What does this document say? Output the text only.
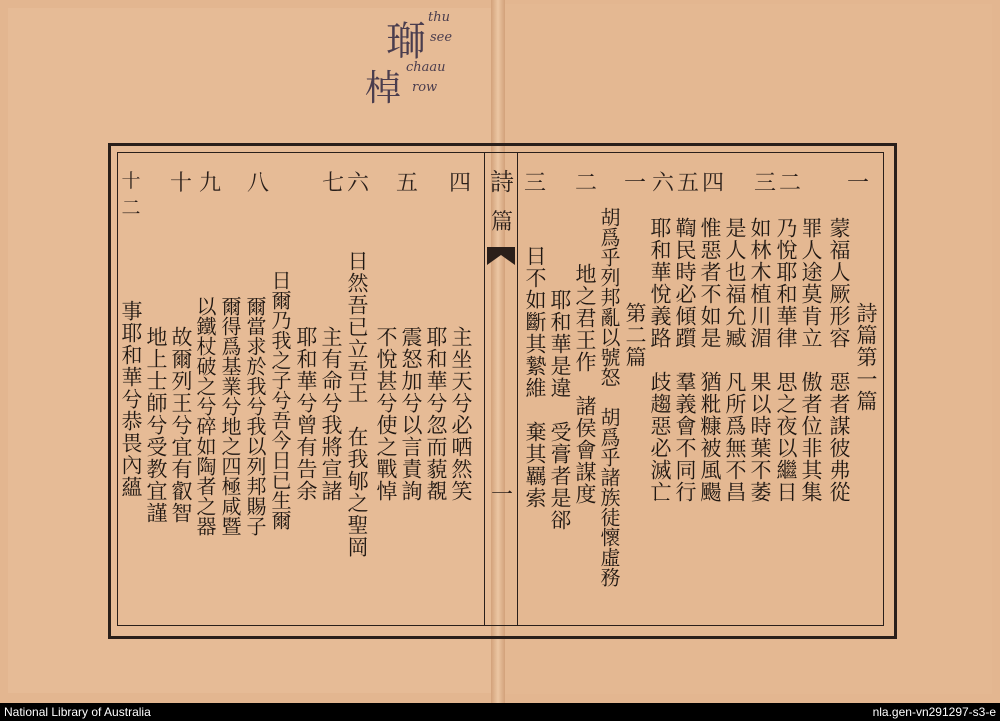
瑡
thu
see
棹
chaau
row
十二
十 九 八 七 六 五 四 三 二 一 六 五 四 三 二 一
詩
篇
一
詩篇第一篇
蒙福人厥形容　惡者謀彼弗從
罪人途莫肯立　傲者位非其集
乃悅耶和華律　思之夜以繼日
如林木植川湄　果以時葉不萎
是人也福允臧　凡所爲無不昌
惟惡者不如是　猶粃糠被風颺
鞫民時必傾躓　羣義會不同行
耶和華悅義路　歧趨惡必滅亡
第二篇
胡爲乎列邦亂以號怒　胡爲乎諸族徒懷虛務
地之君王作　諸侯會謀度
耶和華是違　受膏者是郤
日不如斷其縶維　棄其羈索
主坐天兮必哂然笑
耶和華兮忽而藐覩
震怒加兮以言責詢
不悅甚兮使之戰悼
日然吾已立吾王　在我郇之聖岡
主有命兮我將宣諸
耶和華兮曾有告余
日爾乃我之子兮吾今日已生爾
爾當求於我兮我以列邦賜子
爾得爲基業兮地之四極咸暨
以鐵杖破之兮碎如陶者之器
故爾列王兮宜有叡智
地上士師兮受教宜謹
事耶和華兮恭畏內蘊
National Library of Australia	nla.gen-vn291297-s3-e
